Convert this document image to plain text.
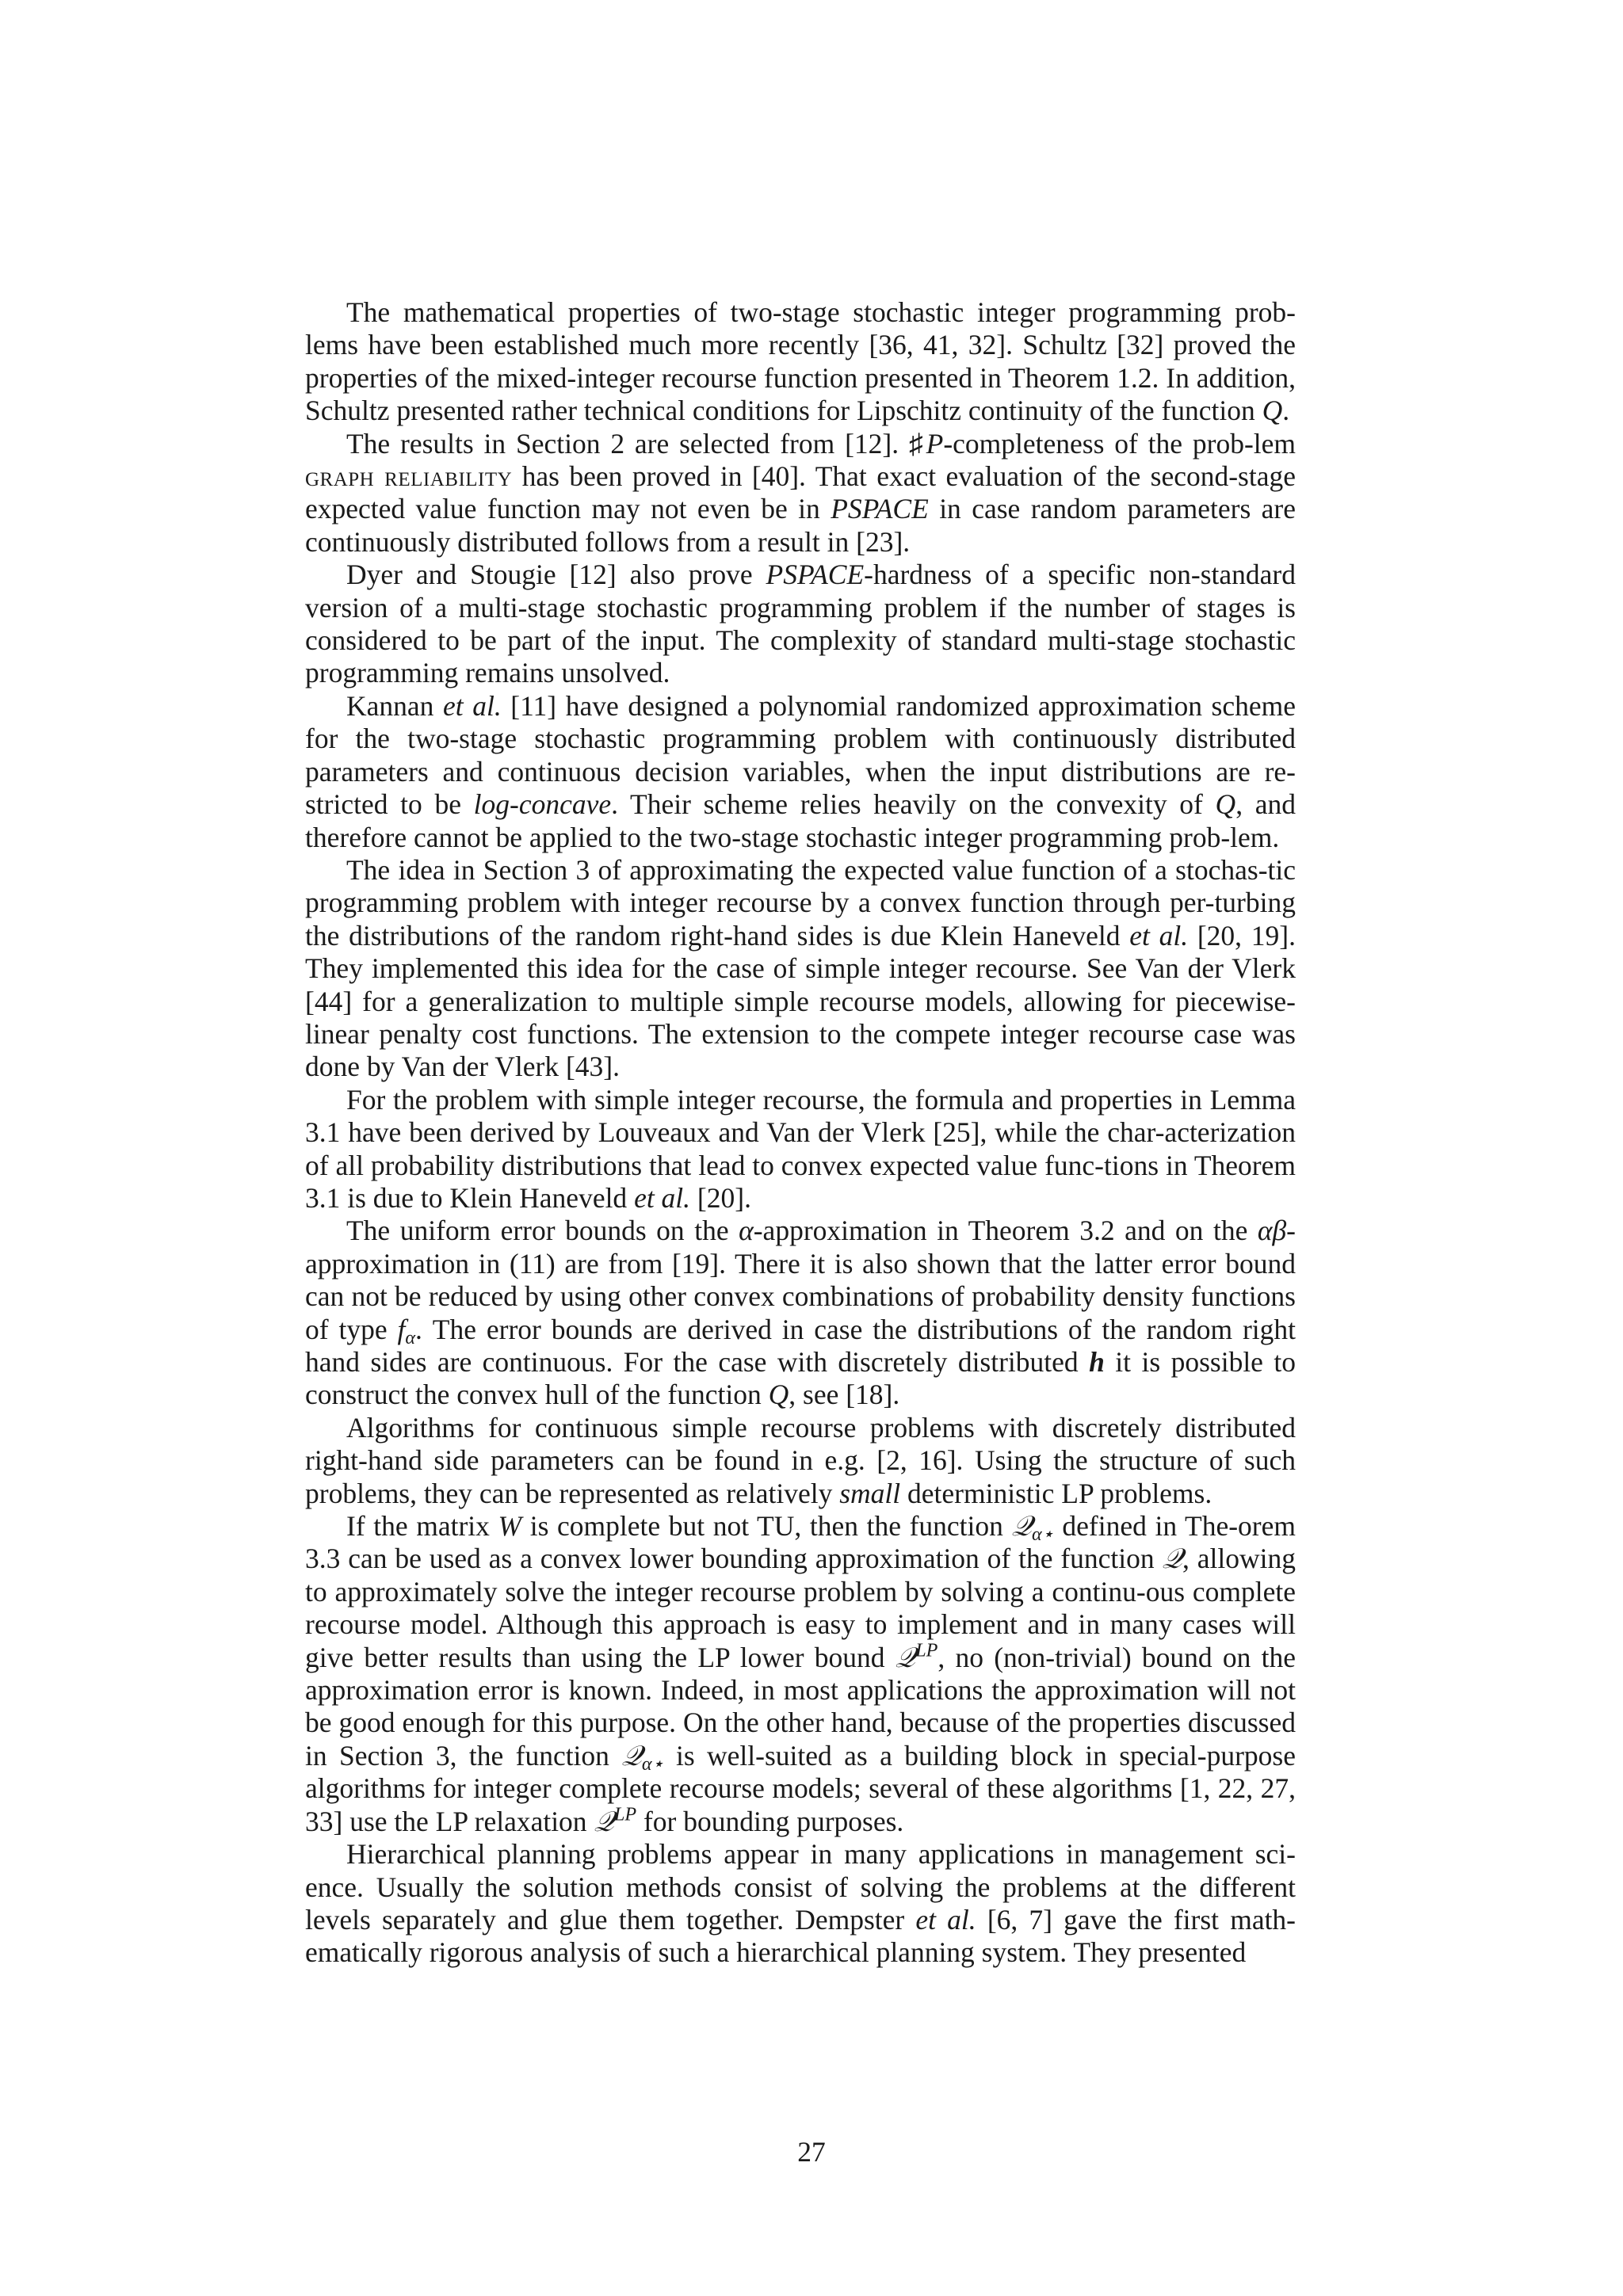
The mathematical properties of two-stage stochastic integer programming prob-lems have been established much more recently [36, 41, 32]. Schultz [32] proved the properties of the mixed-integer recourse function presented in Theorem 1.2. In addition, Schultz presented rather technical conditions for Lipschitz continuity of the function Q.

The results in Section 2 are selected from [12]. ♯P-completeness of the prob-lem graph reliability has been proved in [40]. That exact evaluation of the second-stage expected value function may not even be in PSPACE in case random parameters are continuously distributed follows from a result in [23].

Dyer and Stougie [12] also prove PSPACE-hardness of a specific non-standard version of a multi-stage stochastic programming problem if the number of stages is considered to be part of the input. The complexity of standard multi-stage stochastic programming remains unsolved.

Kannan et al. [11] have designed a polynomial randomized approximation scheme for the two-stage stochastic programming problem with continuously distributed parameters and continuous decision variables, when the input distributions are re-stricted to be log-concave. Their scheme relies heavily on the convexity of Q, and therefore cannot be applied to the two-stage stochastic integer programming prob-lem.

The idea in Section 3 of approximating the expected value function of a stochas-tic programming problem with integer recourse by a convex function through per-turbing the distributions of the random right-hand sides is due Klein Haneveld et al. [20, 19]. They implemented this idea for the case of simple integer recourse. See Van der Vlerk [44] for a generalization to multiple simple recourse models, allowing for piecewise-linear penalty cost functions. The extension to the compete integer recourse case was done by Van der Vlerk [43].

For the problem with simple integer recourse, the formula and properties in Lemma 3.1 have been derived by Louveaux and Van der Vlerk [25], while the char-acterization of all probability distributions that lead to convex expected value func-tions in Theorem 3.1 is due to Klein Haneveld et al. [20].

The uniform error bounds on the α-approximation in Theorem 3.2 and on the αβ-approximation in (11) are from [19]. There it is also shown that the latter error bound can not be reduced by using other convex combinations of probability density functions of type $f_\alpha$. The error bounds are derived in case the distributions of the random right hand sides are continuous. For the case with discretely distributed h it is possible to construct the convex hull of the function Q, see [18].

Algorithms for continuous simple recourse problems with discretely distributed right-hand side parameters can be found in e.g. [2, 16]. Using the structure of such problems, they can be represented as relatively small deterministic LP problems.

If the matrix W is complete but not TU, then the function 𝒬$_{\alpha⋆}$ defined in The-orem 3.3 can be used as a convex lower bounding approximation of the function 𝒬, allowing to approximately solve the integer recourse problem by solving a continu-ous complete recourse model. Although this approach is easy to implement and in many cases will give better results than using the LP lower bound 𝒬$^{LP}$, no (non-trivial) bound on the approximation error is known. Indeed, in most applications the approximation will not be good enough for this purpose. On the other hand, because of the properties discussed in Section 3, the function 𝒬$_{\alpha⋆}$ is well-suited as a building block in special-purpose algorithms for integer complete recourse models; several of these algorithms [1, 22, 27, 33] use the LP relaxation 𝒬$^{LP}$ for bounding purposes.

Hierarchical planning problems appear in many applications in management sci-ence. Usually the solution methods consist of solving the problems at the different levels separately and glue them together. Dempster et al. [6, 7] gave the first math-ematically rigorous analysis of such a hierarchical planning system. They presented

27
